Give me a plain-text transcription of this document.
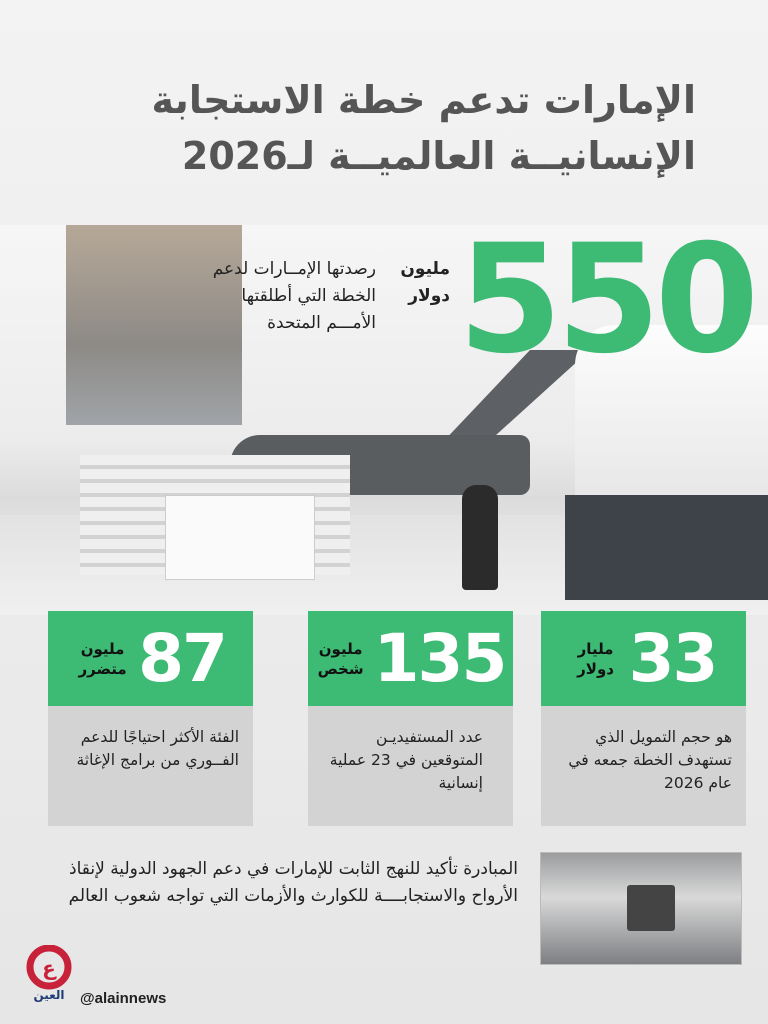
الإمارات تدعم خطة الاستجابة
الإنسانيــة العالميــة لـ2026
550
مليون دولار
رصدتها الإمــارات لدعم الخطة التي أطلقتها الأمـــم المتحدة
33
مليار دولار
هو حجم التمويل الذي تستهدف الخطة جمعه في عام 2026
135
مليون شخص
عدد المستفيديـن المتوقعين في 23 عملية إنسانية
87
مليون متضرر
الفئة الأكثر احتياجًا للدعم الفــوري من برامج الإغاثة
المبادرة تأكيد للنهج الثابت للإمارات في دعم الجهود الدولية لإنقاذ الأرواح والاستجابــــة للكوارث والأزمات التي تواجه شعوب العالم
ع
العين @alainnews
